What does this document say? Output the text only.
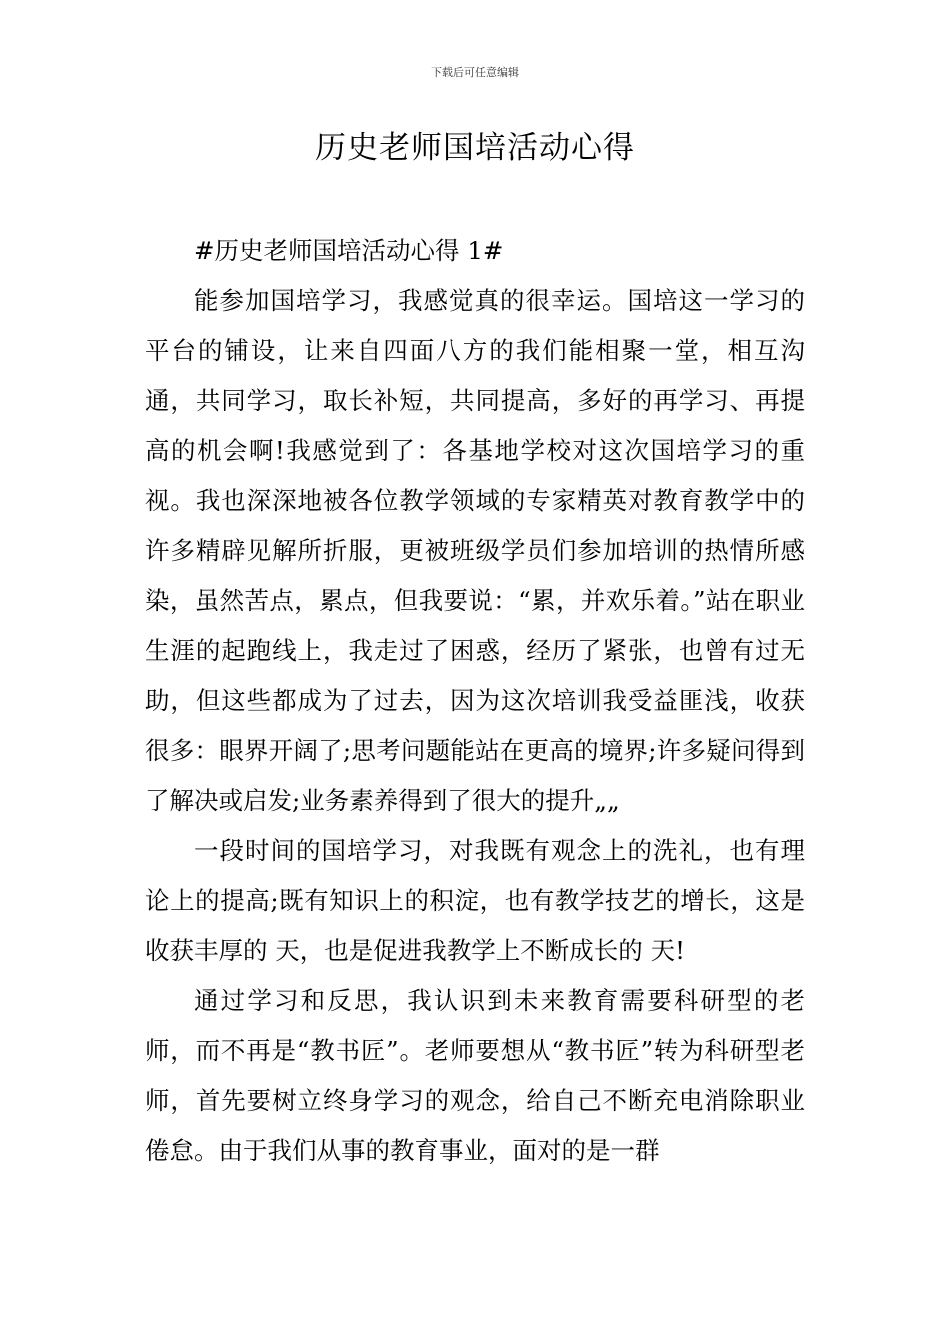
下载后可任意编辑
历史老师国培活动心得
#历史老师国培活动心得 1#

能参加国培学习，我感觉真的很幸运。国培这一学习的平台的铺设，让来自四面八方的我们能相聚一堂，相互沟通，共同学习，取长补短，共同提高，多好的再学习、再提高的机会啊!我感觉到了：各基地学校对这次国培学习的重视。我也深深地被各位教学领域的专家精英对教育教学中的许多精辟见解所折服，更被班级学员们参加培训的热情所感染，虽然苦点，累点，但我要说：“累，并欢乐着。”站在职业生涯的起跑线上，我走过了困惑，经历了紧张，也曾有过无助，但这些都成为了过去，因为这次培训我受益匪浅，收获很多：眼界开阔了;思考问题能站在更高的境界;许多疑问得到了解决或启发;业务素养得到了很大的提升„„

一段时间的国培学习，对我既有观念上的洗礼，也有理论上的提高;既有知识上的积淀，也有教学技艺的增长，这是收获丰厚的 天，也是促进我教学上不断成长的 天!

通过学习和反思，我认识到未来教育需要科研型的老师，而不再是“教书匠”。老师要想从“教书匠”转为科研型老师，首先要树立终身学习的观念，给自己不断充电消除职业倦怠。由于我们从事的教育事业，面对的是一群
